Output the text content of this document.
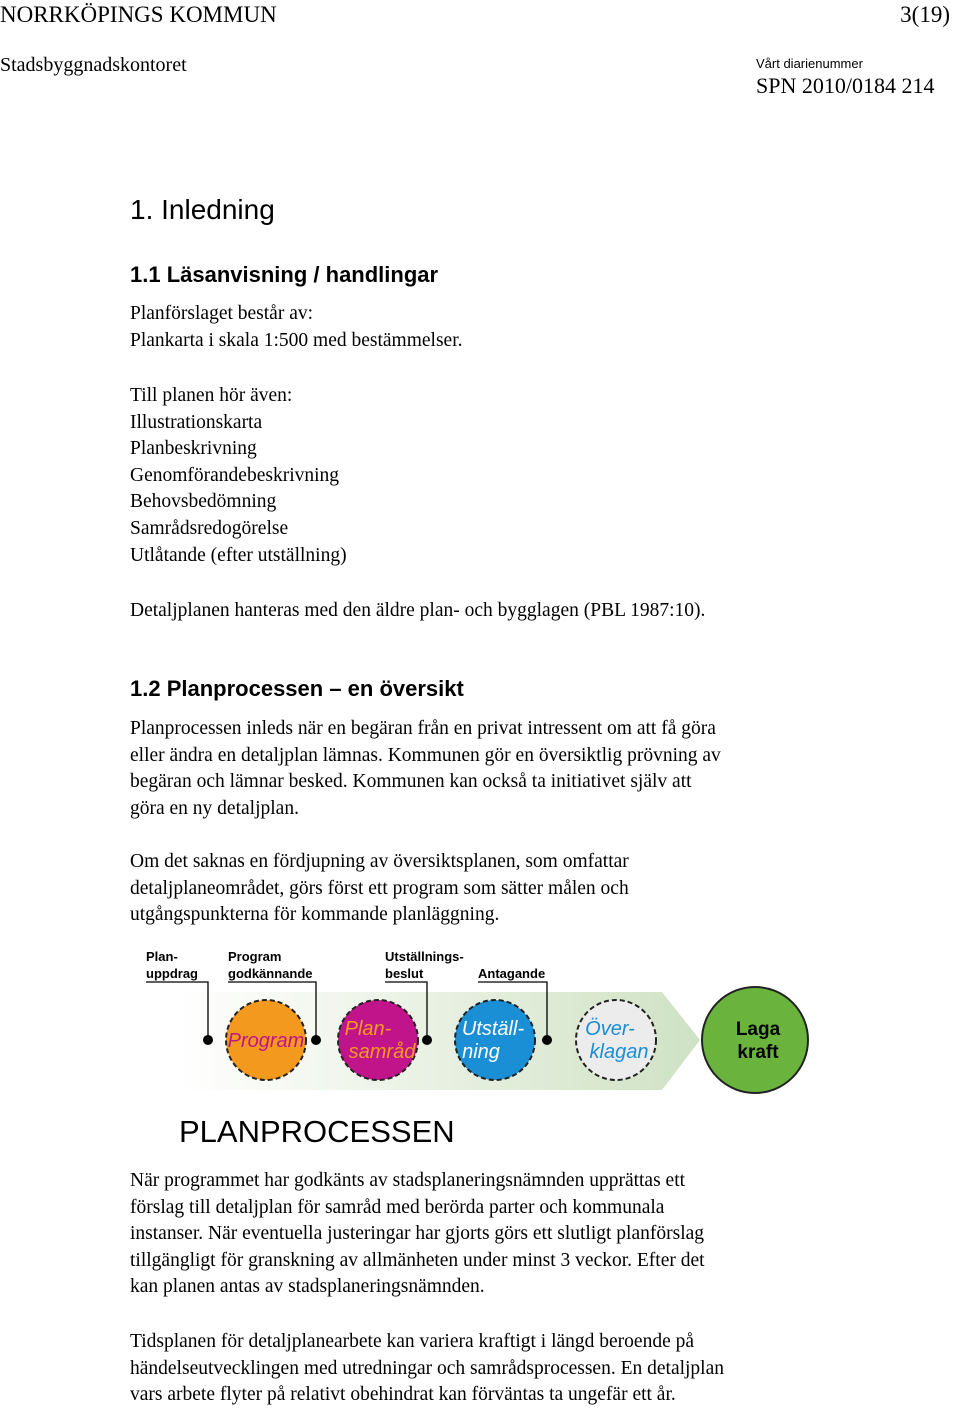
NORRKÖPINGS KOMMUN	3(19)
Stadsbyggnadskontoret	Vårt diarienummer
SPN 2010/0184 214
1. Inledning
1.1 Läsanvisning / handlingar
Planförslaget består av:
Plankarta i skala 1:500 med bestämmelser.
Till planen hör även:
Illustrationskarta
Planbeskrivning
Genomförandebeskrivning
Behovsbedömning
Samrådsredogörelse
Utlåtande (efter utställning)
Detaljplanen hanteras med den äldre plan- och bygglagen (PBL 1987:10).
1.2 Planprocessen – en översikt
Planprocessen inleds när en begäran från en privat intressent om att få göra
eller ändra en detaljplan lämnas. Kommunen gör en översiktlig prövning av
begäran och lämnar besked. Kommunen kan också ta initiativet själv att
göra en ny detaljplan.
Om det saknas en fördjupning av översiktsplanen, som omfattar
detaljplaneområdet, görs först ett program som sätter målen och
utgångspunkterna för kommande planläggning.
Plan-
uppdrag
Program
godkännande
Utställnings-
beslut	Antagande
Program
Plan-
samråd
Utställ-
ning
Över-
klagan
Laga
kraft
PLANPROCESSEN
När programmet har godkänts av stadsplaneringsnämnden upprättas ett
förslag till detaljplan för samråd med berörda parter och kommunala
instanser. När eventuella justeringar har gjorts görs ett slutligt planförslag
tillgängligt för granskning av allmänheten under minst 3 veckor. Efter det
kan planen antas av stadsplaneringsnämnden.
Tidsplanen för detaljplanearbete kan variera kraftigt i längd beroende på
händelseutvecklingen med utredningar och samrådsprocessen. En detaljplan
vars arbete flyter på relativt obehindrat kan förväntas ta ungefär ett år.
